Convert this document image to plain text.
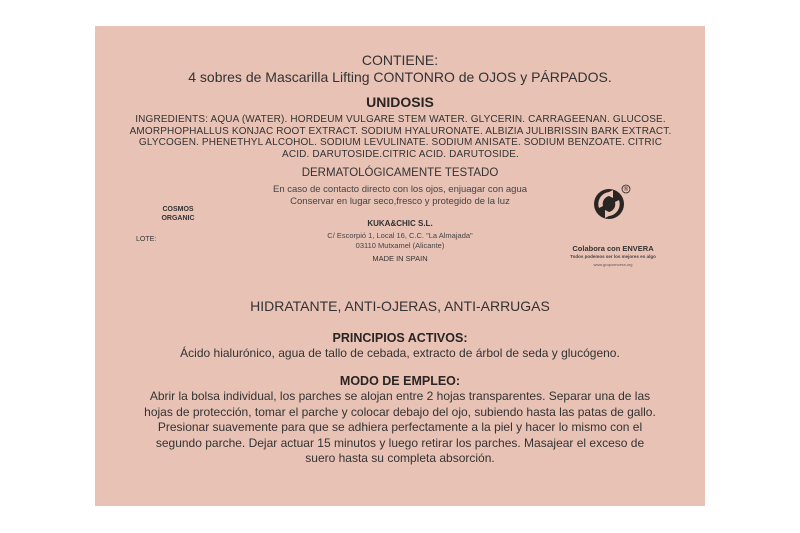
CONTIENE:
4 sobres de Mascarilla Lifting CONTONRO de OJOS y PÁRPADOS.
UNIDOSIS
INGREDIENTS: AQUA (WATER). HORDEUM VULGARE STEM WATER. GLYCERIN. CARRAGEENAN. GLUCOSE.
AMORPHOPHALLUS KONJAC ROOT EXTRACT. SODIUM HYALURONATE. ALBIZIA JULIBRISSIN BARK EXTRACT.
GLYCOGEN. PHENETHYL ALCOHOL. SODIUM LEVULINATE. SODIUM ANISATE. SODIUM BENZOATE. CITRIC
ACID. DARUTOSIDE.CITRIC ACID. DARUTOSIDE.
DERMATOLÓGICAMENTE TESTADO
En caso de contacto directo con los ojos, enjuagar con agua
Conservar en lugar seco,fresco y protegido de la luz
KUKA&CHIC S.L.
C/ Escorpió 1, Local 16, C.C. "La Almajada"
03110 Mutxamel (Alicante)
MADE IN SPAIN
COSMOS
ORGANIC
LOTE:
®
Colabora con ENVERA
Todos podemos ser los mejores en algo
www.grupoenvera.org
HIDRATANTE, ANTI-OJERAS, ANTI-ARRUGAS
PRINCIPIOS ACTIVOS:
Ácido hialurónico, agua de tallo de cebada, extracto de árbol de seda y glucógeno.
MODO DE EMPLEO:
Abrir la bolsa individual, los parches se alojan entre 2 hojas transparentes. Separar una de las
hojas de protección, tomar el parche y colocar debajo del ojo, subiendo hasta las patas de gallo.
Presionar suavemente para que se adhiera perfectamente a la piel y hacer lo mismo con el
segundo parche. Dejar actuar 15 minutos y luego retirar los parches. Masajear el exceso de
suero hasta su completa absorción.
